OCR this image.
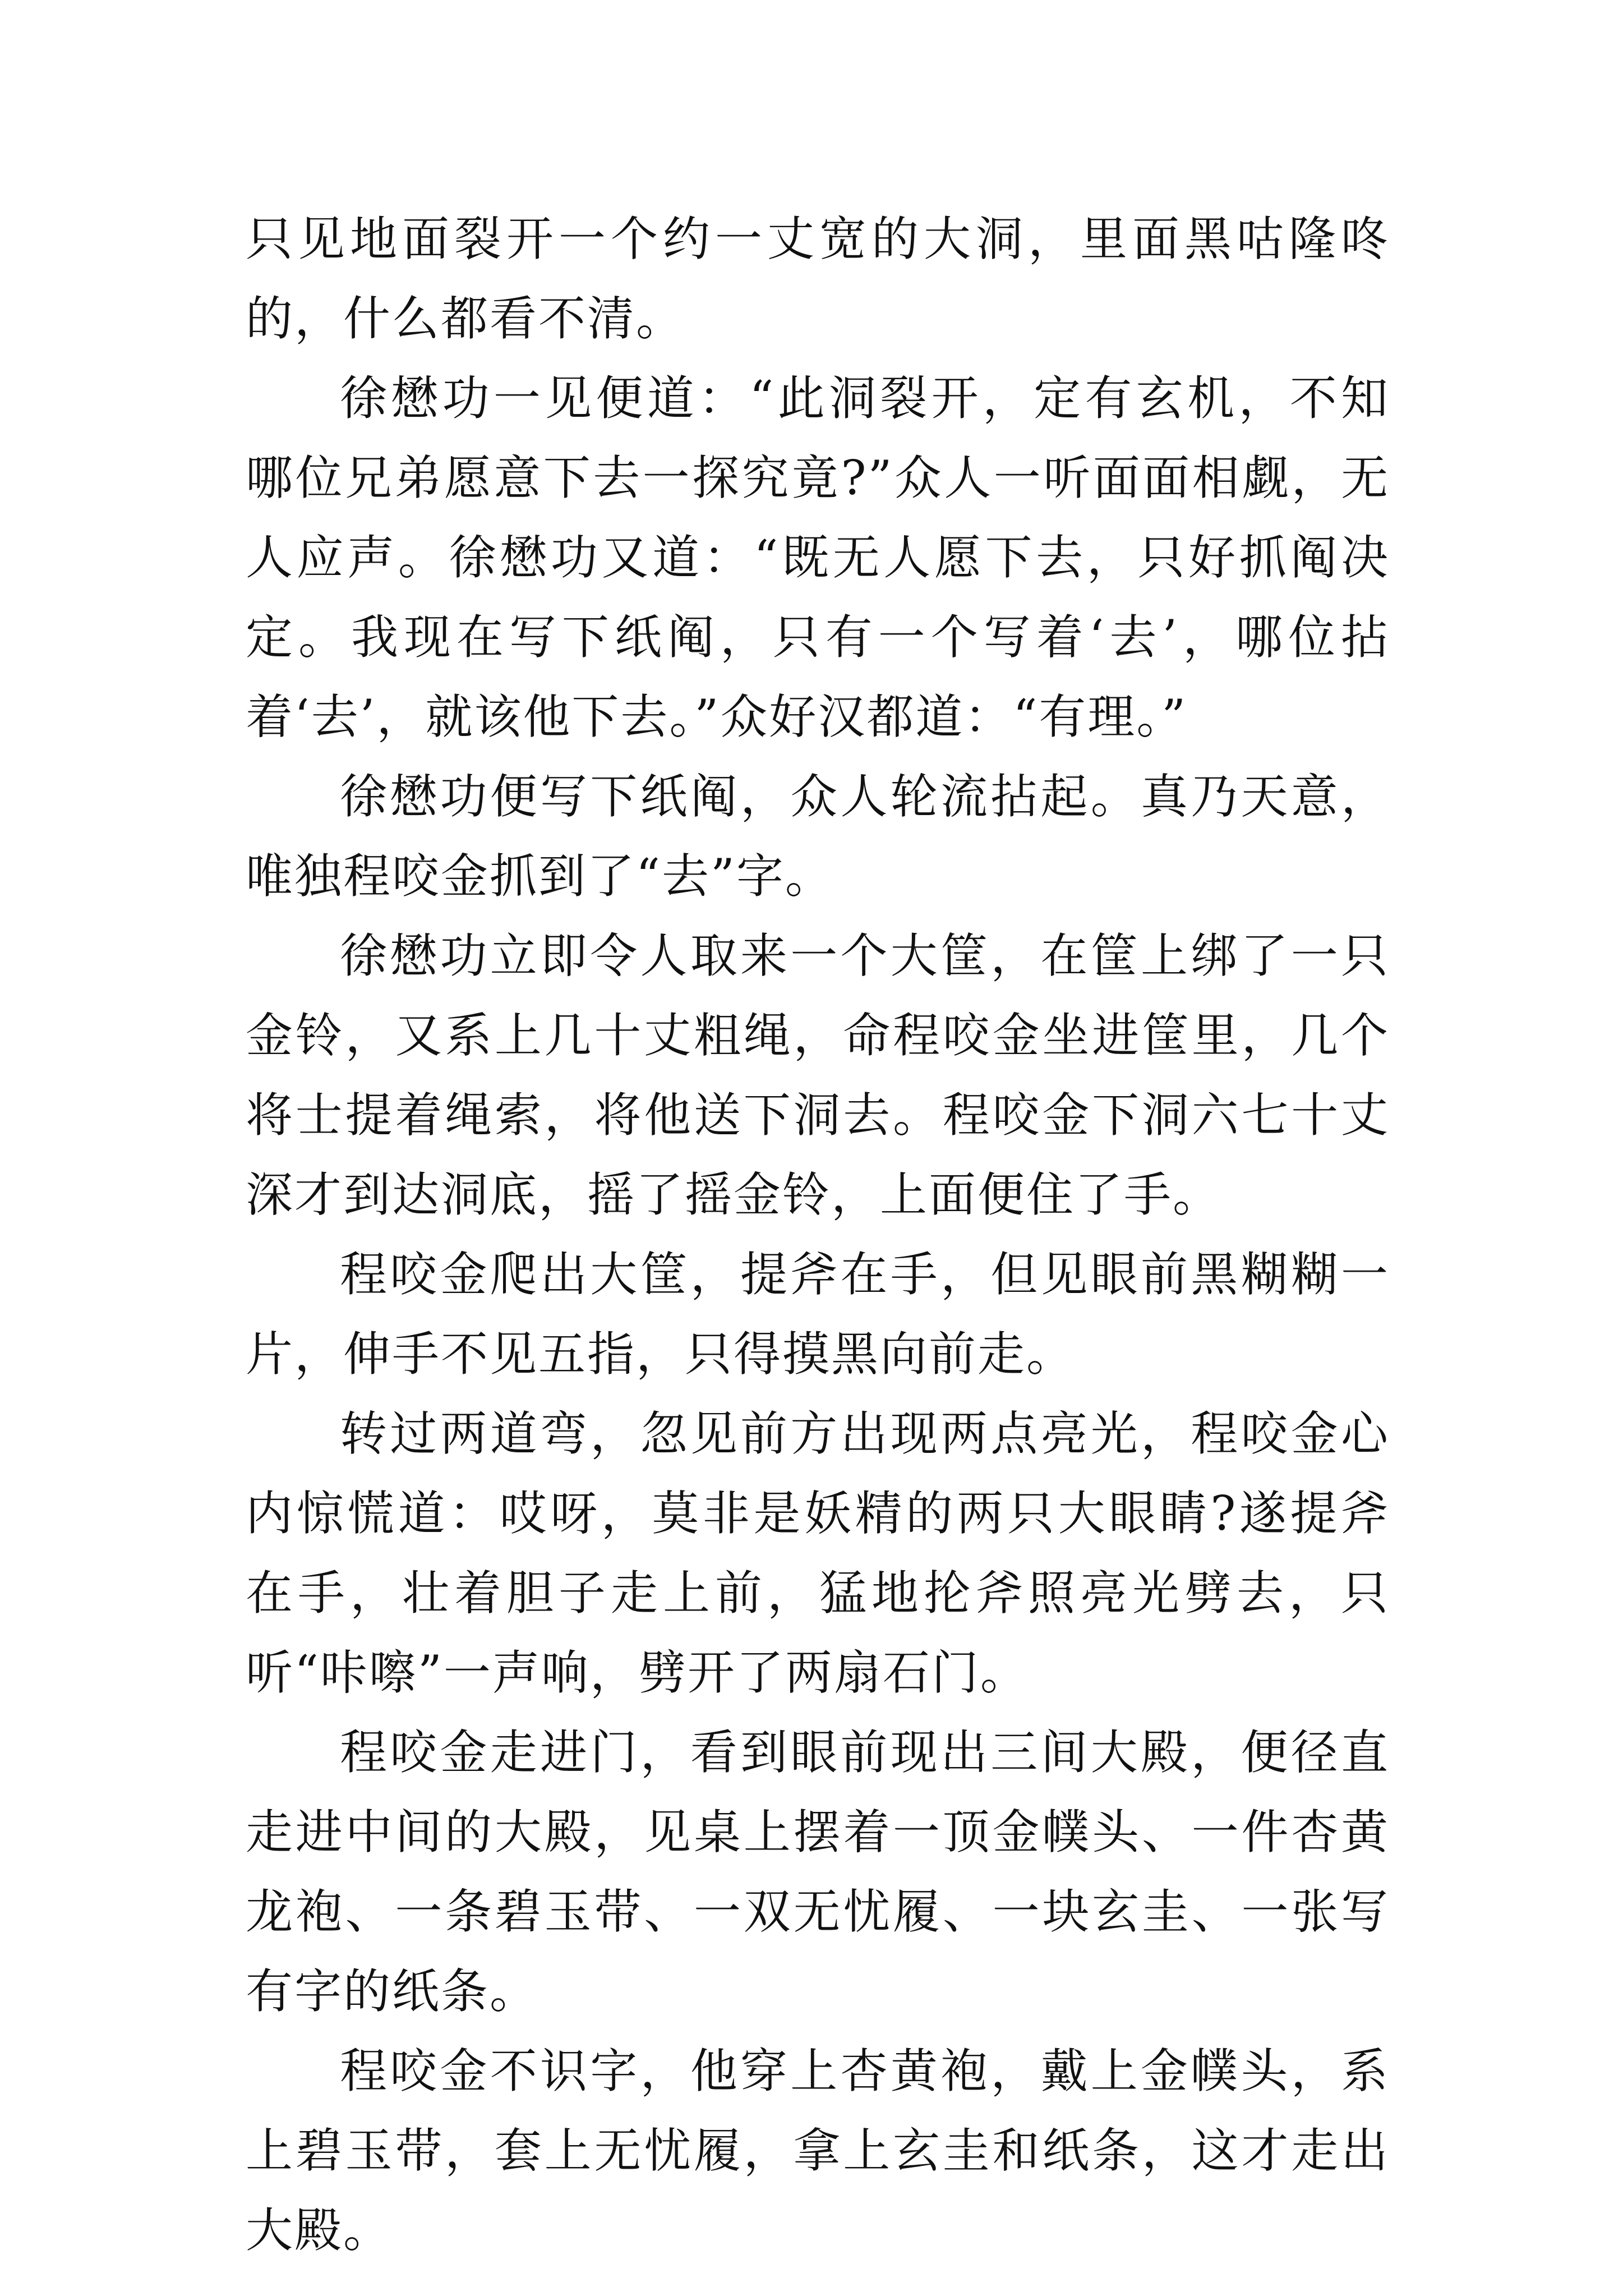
只见地面裂开一个约一丈宽的大洞，里面黑咕隆咚的，什么都看不清。

徐懋功一见便道：“此洞裂开，定有玄机，不知哪位兄弟愿意下去一探究竟?”众人一听面面相觑，无人应声。徐懋功又道：“既无人愿下去，只好抓阄决定。我现在写下纸阄，只有一个写着‘去’，哪位拈着‘去’，就该他下去。”众好汉都道：“有理。”

徐懋功便写下纸阄，众人轮流拈起。真乃天意，唯独程咬金抓到了“去”字。

徐懋功立即令人取来一个大筐，在筐上绑了一只金铃，又系上几十丈粗绳，命程咬金坐进筐里，几个将士提着绳索，将他送下洞去。程咬金下洞六七十丈深才到达洞底，摇了摇金铃，上面便住了手。

程咬金爬出大筐，提斧在手，但见眼前黑糊糊一片，伸手不见五指，只得摸黑向前走。

转过两道弯，忽见前方出现两点亮光，程咬金心内惊慌道：哎呀，莫非是妖精的两只大眼睛?遂提斧在手，壮着胆子走上前，猛地抡斧照亮光劈去，只听“咔嚓”一声响，劈开了两扇石门。

程咬金走进门，看到眼前现出三间大殿，便径直走进中间的大殿，见桌上摆着一顶金幞头、一件杏黄龙袍、一条碧玉带、一双无忧履、一块玄圭、一张写有字的纸条。

程咬金不识字，他穿上杏黄袍，戴上金幞头，系上碧玉带，套上无忧履，拿上玄圭和纸条，这才走出大殿。
